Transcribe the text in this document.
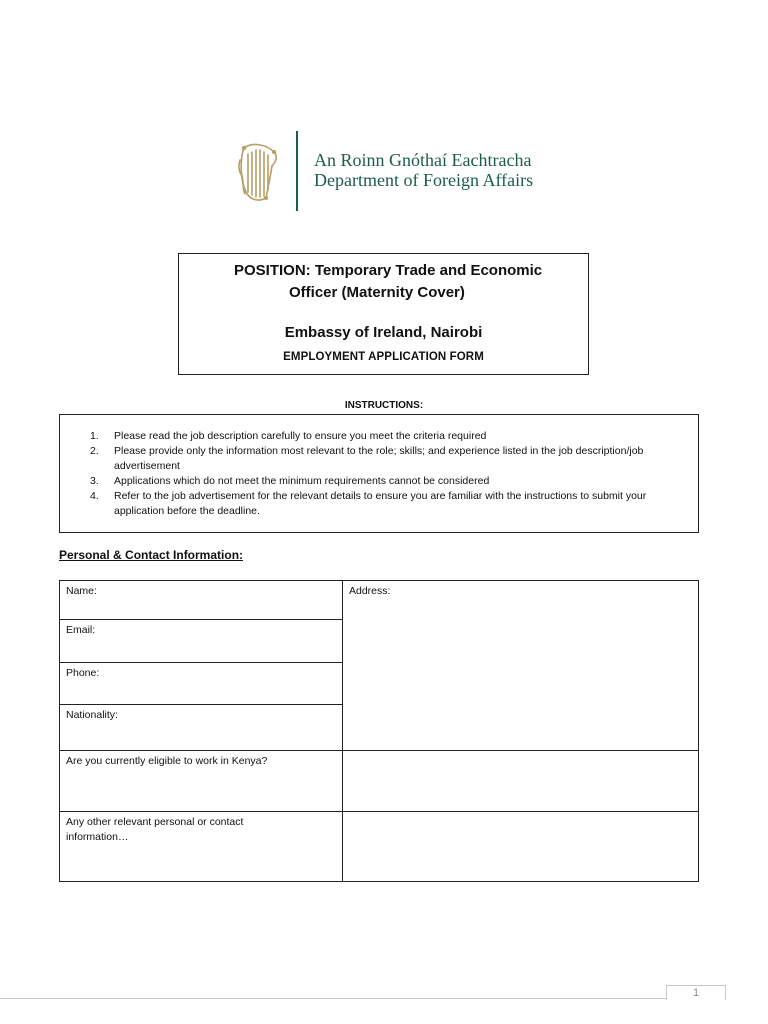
An Roinn Gnóthaí Eachtracha
Department of Foreign Affairs
POSITION: Temporary Trade and Economic
Officer (Maternity Cover)
Embassy of Ireland, Nairobi
EMPLOYMENT APPLICATION FORM
INSTRUCTIONS:
1.	Please read the job description carefully to ensure you meet the criteria required
2.	Please provide only the information most relevant to the role; skills; and experience listed in the job description/job advertisement
3.	Applications which do not meet the minimum requirements cannot be considered
4.	Refer to the job advertisement for the relevant details to ensure you are familiar with the instructions to submit your application before the deadline.
Personal & Contact Information:
Name:
Email:
Phone:
Nationality:
Address:
Are you currently eligible to work in Kenya?
Any other relevant personal or contact information…
1
